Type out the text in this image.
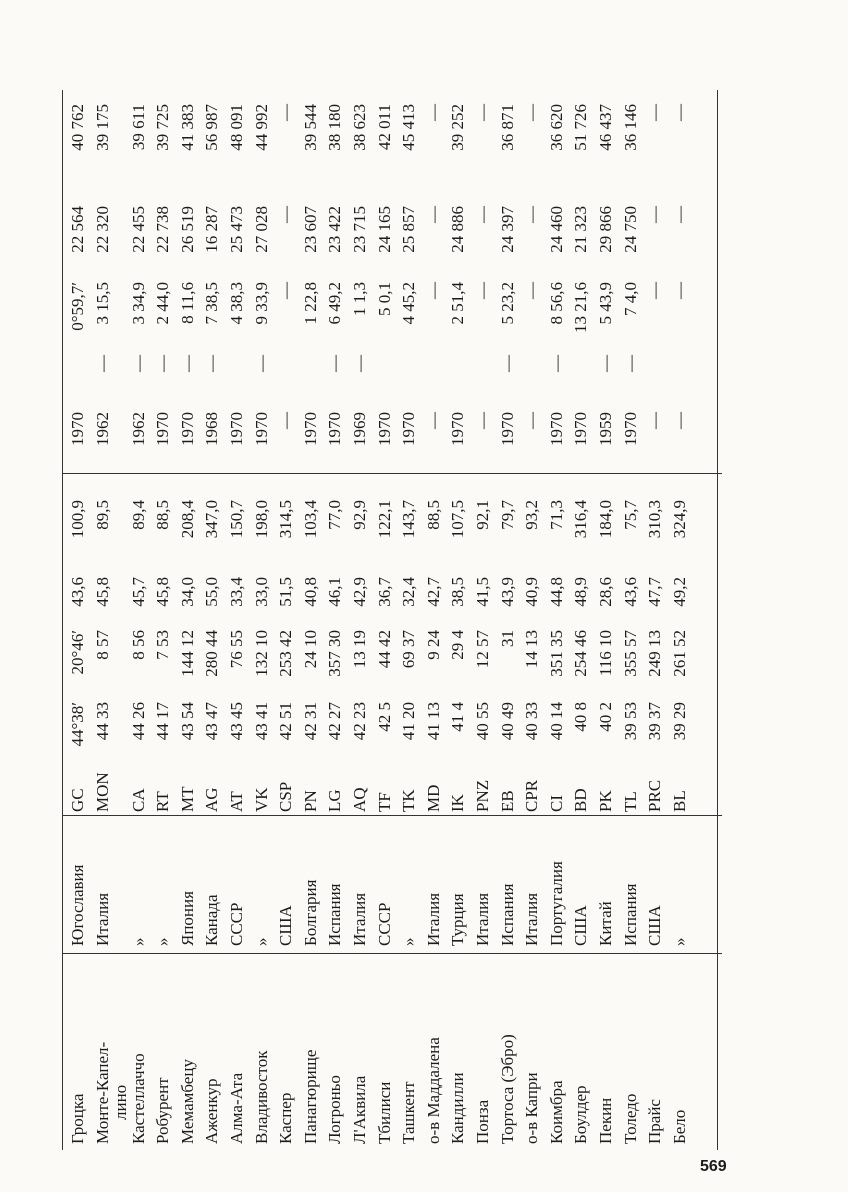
Гроцка
Югославия
GC
44°38′
20°46′
43,6
100,9
1970
22 564
40 762
0°59,7′
Монте-Капел-
Италия
MON
44 33
8 57
45,8
89,5
1962
22 320
39 175
лино
—
3 15,5
Кастеллаччо
»
CA
44 26
8 56
45,7
89,4
1962
22 455
39 611
—
3 34,9
Робурент
»
RT
44 17
7 53
45,8
88,5
1970
22 738
39 725
—
2 44,0
Мемамбецу
Япония
MT
43 54
144 12
34,0
208,4
1970
26 519
41 383
—
8 11,6
Аженкур
Канада
AG
43 47
280 44
55,0
347,0
1968
16 287
56 987
—
7 38,5
Алма-Ата
СССР
AT
43 45
76 55
33,4
150,7
1970
25 473
48 091
4 38,3
Владивосток
»
VK
43 41
132 10
33,0
198,0
1970
27 028
44 992
—
9 33,9
Каспер
США
CSP
42 51
253 42
51,5
314,5
—
—
—
—
Панагюрище
Болгария
PN
42 31
24 10
40,8
103,4
1970
23 607
39 544
1 22,8
Логроньо
Испания
LG
42 27
357 30
46,1
77,0
1970
23 422
38 180
—
6 49,2
Л'Аквила
Италия
AQ
42 23
13 19
42,9
92,9
1969
23 715
38 623
—
1 1,3
Тбилиси
СССР
TF
42 5
44 42
36,7
122,1
1970
24 165
42 011
5 0,1
Ташкент
»
TK
41 20
69 37
32,4
143,7
1970
25 857
45 413
4 45,2
о-в Маддалена
Италия
MD
41 13
9 24
42,7
88,5
—
—
—
—
Кандилли
Турция
IK
41 4
29 4
38,5
107,5
1970
24 886
39 252
2 51,4
Понза
Италия
PNZ
40 55
12 57
41,5
92,1
—
—
—
—
Тортоса (Эбро)
Испания
EB
40 49
31
43,9
79,7
1970
24 397
36 871
—
5 23,2
о-в Капри
Италия
CPR
40 33
14 13
40,9
93,2
—
—
—
—
Коимбра
Португалия
CI
40 14
351 35
44,8
71,3
1970
24 460
36 620
—
8 56,6
Боулдер
США
BD
40 8
254 46
48,9
316,4
1970
21 323
51 726
13 21,6
Пекин
Китай
PK
40 2
116 10
28,6
184,0
1959
29 866
46 437
—
5 43,9
Толедо
Испания
TL
39 53
355 57
43,6
75,7
1970
24 750
36 146
—
7 4,0
Прайс
США
PRC
39 37
249 13
47,7
310,3
—
—
—
—
Бело
»
BL
39 29
261 52
49,2
324,9
—
—
—
—
569
